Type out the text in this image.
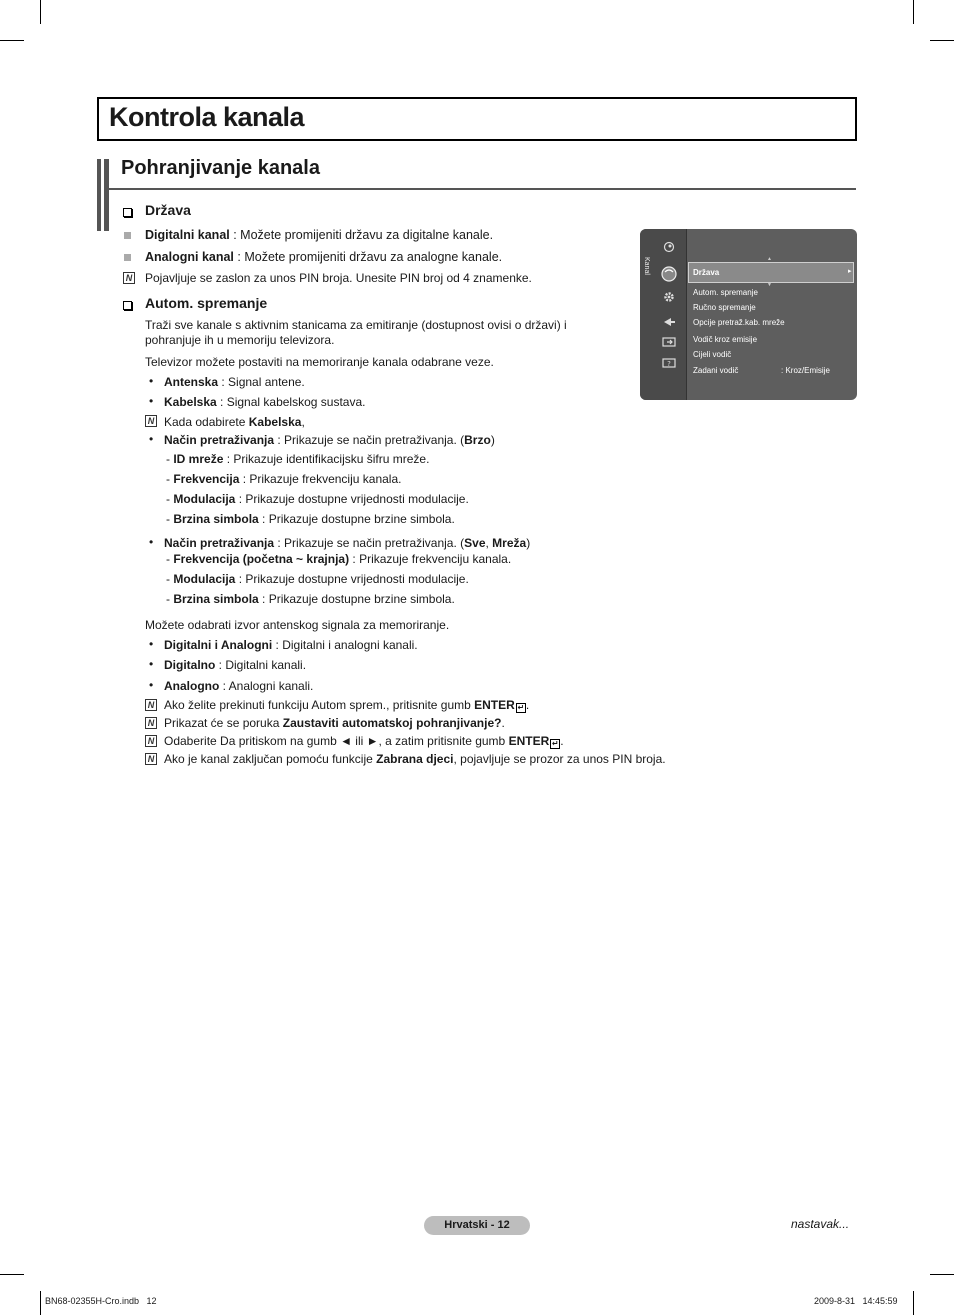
Kontrola kanala
Pohranjivanje kanala
Država
Digitalni kanal : Možete promijeniti državu za digitalne kanale.
Analogni kanal : Možete promijeniti državu za analogne kanale.
N Pojavljuje se zaslon za unos PIN broja. Unesite PIN broj od 4 znamenke.
Autom. spremanje
Traži sve kanale s aktivnim stanicama za emitiranje (dostupnost ovisi o državi) i
pohranjuje ih u memoriju televizora.
Televizor možete postaviti na memoriranje kanala odabrane veze.
• Antenska : Signal antene.
• Kabelska : Signal kabelskog sustava.
N Kada odabirete Kabelska,
• Način pretraživanja : Prikazuje se način pretraživanja. (Brzo)
- ID mreže : Prikazuje identifikacijsku šifru mreže.
- Frekvencija : Prikazuje frekvenciju kanala.
- Modulacija : Prikazuje dostupne vrijednosti modulacije.
- Brzina simbola : Prikazuje dostupne brzine simbola.
• Način pretraživanja : Prikazuje se način pretraživanja. (Sve, Mreža)
- Frekvencija (početna ~ krajnja) : Prikazuje frekvenciju kanala.
- Modulacija : Prikazuje dostupne vrijednosti modulacije.
- Brzina simbola : Prikazuje dostupne brzine simbola.
Možete odabrati izvor antenskog signala za memoriranje.
• Digitalni i Analogni : Digitalni i analogni kanali.
• Digitalno : Digitalni kanali.
• Analogno : Analogni kanali.
N Ako želite prekinuti funkciju Autom sprem., pritisnite gumb ENTER ↵ .
N Prikazat će se poruka Zaustaviti automatskoj pohranjivanje?.
N Odaberite Da pritiskom na gumb ◄ ili ►, a zatim pritisnite gumb ENTER ↵ .
N Ako je kanal zaključan pomoću funkcije Zabrana djeci, pojavljuje se prozor za unos PIN broja.
Kanal
?
Država	▸
▲
▼
Autom. spremanje
Ručno spremanje
Opcije pretraž.kab. mreže
Vodič kroz emisije
Cijeli vodič
Zadani vodič	: Kroz/Emisije
Hrvatski - 12	nastavak...
BN68-02355H-Cro.indb   12	2009-8-31   14:45:59
